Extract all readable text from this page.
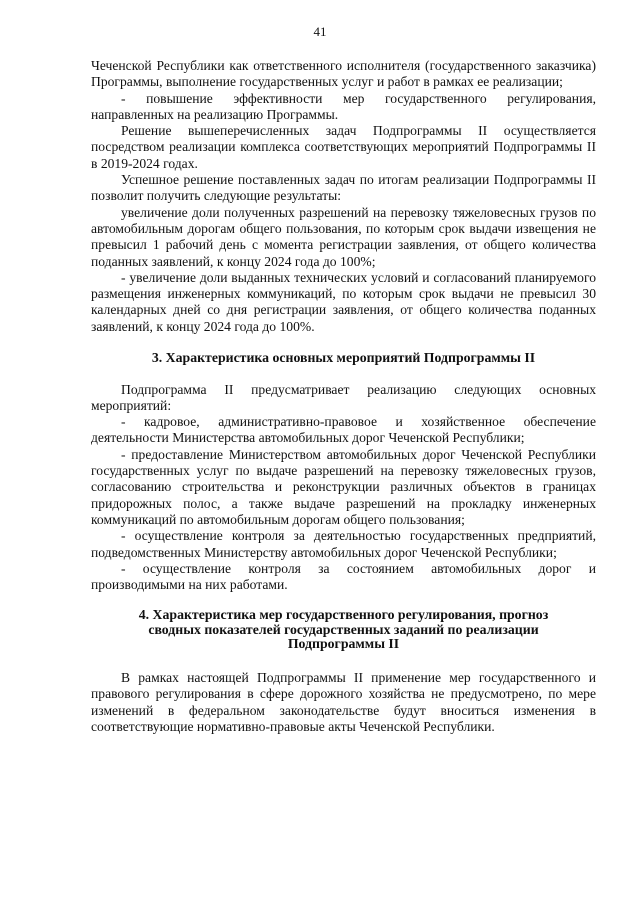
41

Чеченской Республики как ответственного исполнителя (государственного заказчика) Программы, выполнение государственных услуг и работ в рамках ее реализации;

- повышение эффективности мер государственного регулирования, направленных на реализацию Программы.

Решение вышеперечисленных задач Подпрограммы II осуществляется посредством реализации комплекса соответствующих мероприятий Подпрограммы II в 2019-2024 годах.

Успешное решение поставленных задач по итогам реализации Подпрограммы II позволит получить следующие результаты:

увеличение доли полученных разрешений на перевозку тяжеловесных грузов по автомобильным дорогам общего пользования, по которым срок выдачи извещения не превысил 1 рабочий день с момента регистрации заявления, от общего количества поданных заявлений, к концу 2024 года до 100%;

- увеличение доли выданных технических условий и согласований планируемого размещения инженерных коммуникаций, по которым срок выдачи не превысил 30 календарных дней со дня регистрации заявления, от общего количества поданных заявлений, к концу 2024 года до 100%.

3. Характеристика основных мероприятий Подпрограммы II

Подпрограмма II предусматривает реализацию следующих основных мероприятий:

- кадровое, административно-правовое и хозяйственное обеспечение деятельности Министерства автомобильных дорог Чеченской Республики;

- предоставление Министерством автомобильных дорог Чеченской Республики государственных услуг по выдаче разрешений на перевозку тяжеловесных грузов, согласованию строительства и реконструкции различных объектов в границах придорожных полос, а также выдаче разрешений на прокладку инженерных коммуникаций по автомобильным дорогам общего пользования;

- осуществление контроля за деятельностью государственных предприятий, подведомственных Министерству автомобильных дорог Чеченской Республики;

- осуществление контроля за состоянием автомобильных дорог и производимыми на них работами.

4. Характеристика мер государственного регулирования, прогноз
сводных показателей государственных заданий по реализации
Подпрограммы II

В рамках настоящей Подпрограммы II применение мер государственного и правового регулирования в сфере дорожного хозяйства не предусмотрено, по мере изменений в федеральном законодательстве будут вноситься изменения в соответствующие нормативно-правовые акты Чеченской Республики.
